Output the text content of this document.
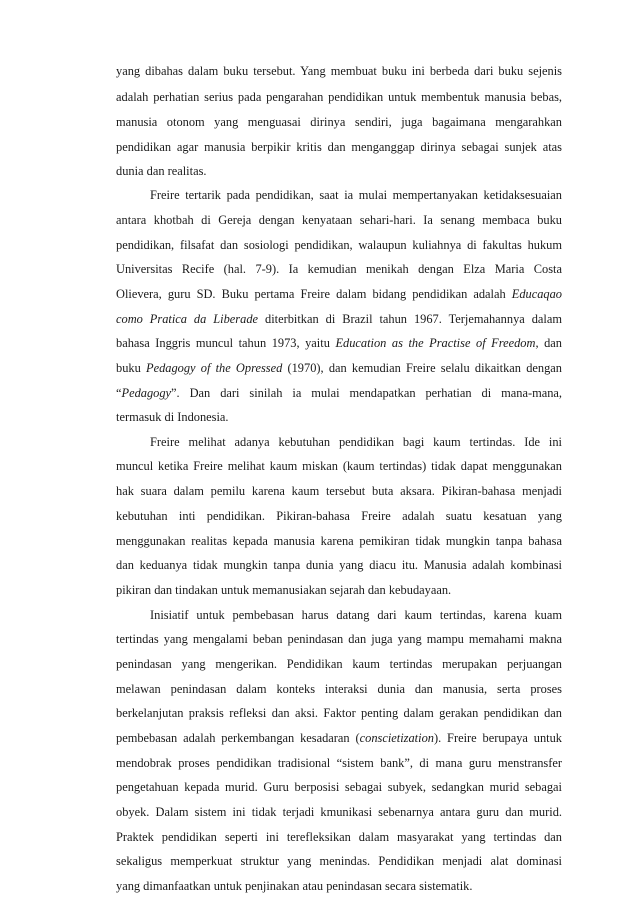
yang dibahas dalam buku tersebut. Yang membuat buku ini berbeda dari buku sejenis
adalah perhatian serius pada pengarahan pendidikan untuk membentuk manusia bebas,
manusia otonom yang menguasai dirinya sendiri, juga bagaimana mengarahkan
pendidikan agar manusia berpikir kritis dan menganggap dirinya sebagai sunjek atas
dunia dan realitas.
Freire tertarik pada pendidikan, saat ia mulai mempertanyakan ketidaksesuaian
antara khotbah di Gereja dengan kenyataan sehari-hari. Ia senang membaca buku
pendidikan, filsafat dan sosiologi pendidikan, walaupun kuliahnya di fakultas hukum
Universitas Recife (hal. 7-9). Ia kemudian menikah dengan Elza Maria Costa
Olievera, guru SD. Buku pertama Freire dalam bidang pendidikan adalah Educaqao
como Pratica da Liberade diterbitkan di Brazil tahun 1967. Terjemahannya dalam
bahasa Inggris muncul tahun 1973, yaitu Education as the Practise of Freedom, dan
buku Pedagogy of the Opressed (1970), dan kemudian Freire selalu dikaitkan dengan
“Pedagogy”. Dan dari sinilah ia mulai mendapatkan perhatian di mana-mana,
termasuk di Indonesia.
Freire melihat adanya kebutuhan pendidikan bagi kaum tertindas. Ide ini
muncul ketika Freire melihat kaum miskan (kaum tertindas) tidak dapat menggunakan
hak suara dalam pemilu karena kaum tersebut buta aksara. Pikiran-bahasa menjadi
kebutuhan inti pendidikan. Pikiran-bahasa Freire adalah suatu kesatuan yang
menggunakan realitas kepada manusia karena pemikiran tidak mungkin tanpa bahasa
dan keduanya tidak mungkin tanpa dunia yang diacu itu. Manusia adalah kombinasi
pikiran dan tindakan untuk memanusiakan sejarah dan kebudayaan.
Inisiatif untuk pembebasan harus datang dari kaum tertindas, karena kuam
tertindas yang mengalami beban penindasan dan juga yang mampu memahami makna
penindasan yang mengerikan. Pendidikan kaum tertindas merupakan perjuangan
melawan penindasan dalam konteks interaksi dunia dan manusia, serta proses
berkelanjutan praksis refleksi dan aksi. Faktor penting dalam gerakan pendidikan dan
pembebasan adalah perkembangan kesadaran (conscietization). Freire berupaya untuk
mendobrak proses pendidikan tradisional “sistem bank”, di mana guru menstransfer
pengetahuan kepada murid. Guru berposisi sebagai subyek, sedangkan murid sebagai
obyek. Dalam sistem ini tidak terjadi kmunikasi sebenarnya antara guru dan murid.
Praktek pendidikan seperti ini terefleksikan dalam masyarakat yang tertindas dan
sekaligus memperkuat struktur yang menindas. Pendidikan menjadi alat dominasi
yang dimanfaatkan untuk penjinakan atau penindasan secara sistematik.
